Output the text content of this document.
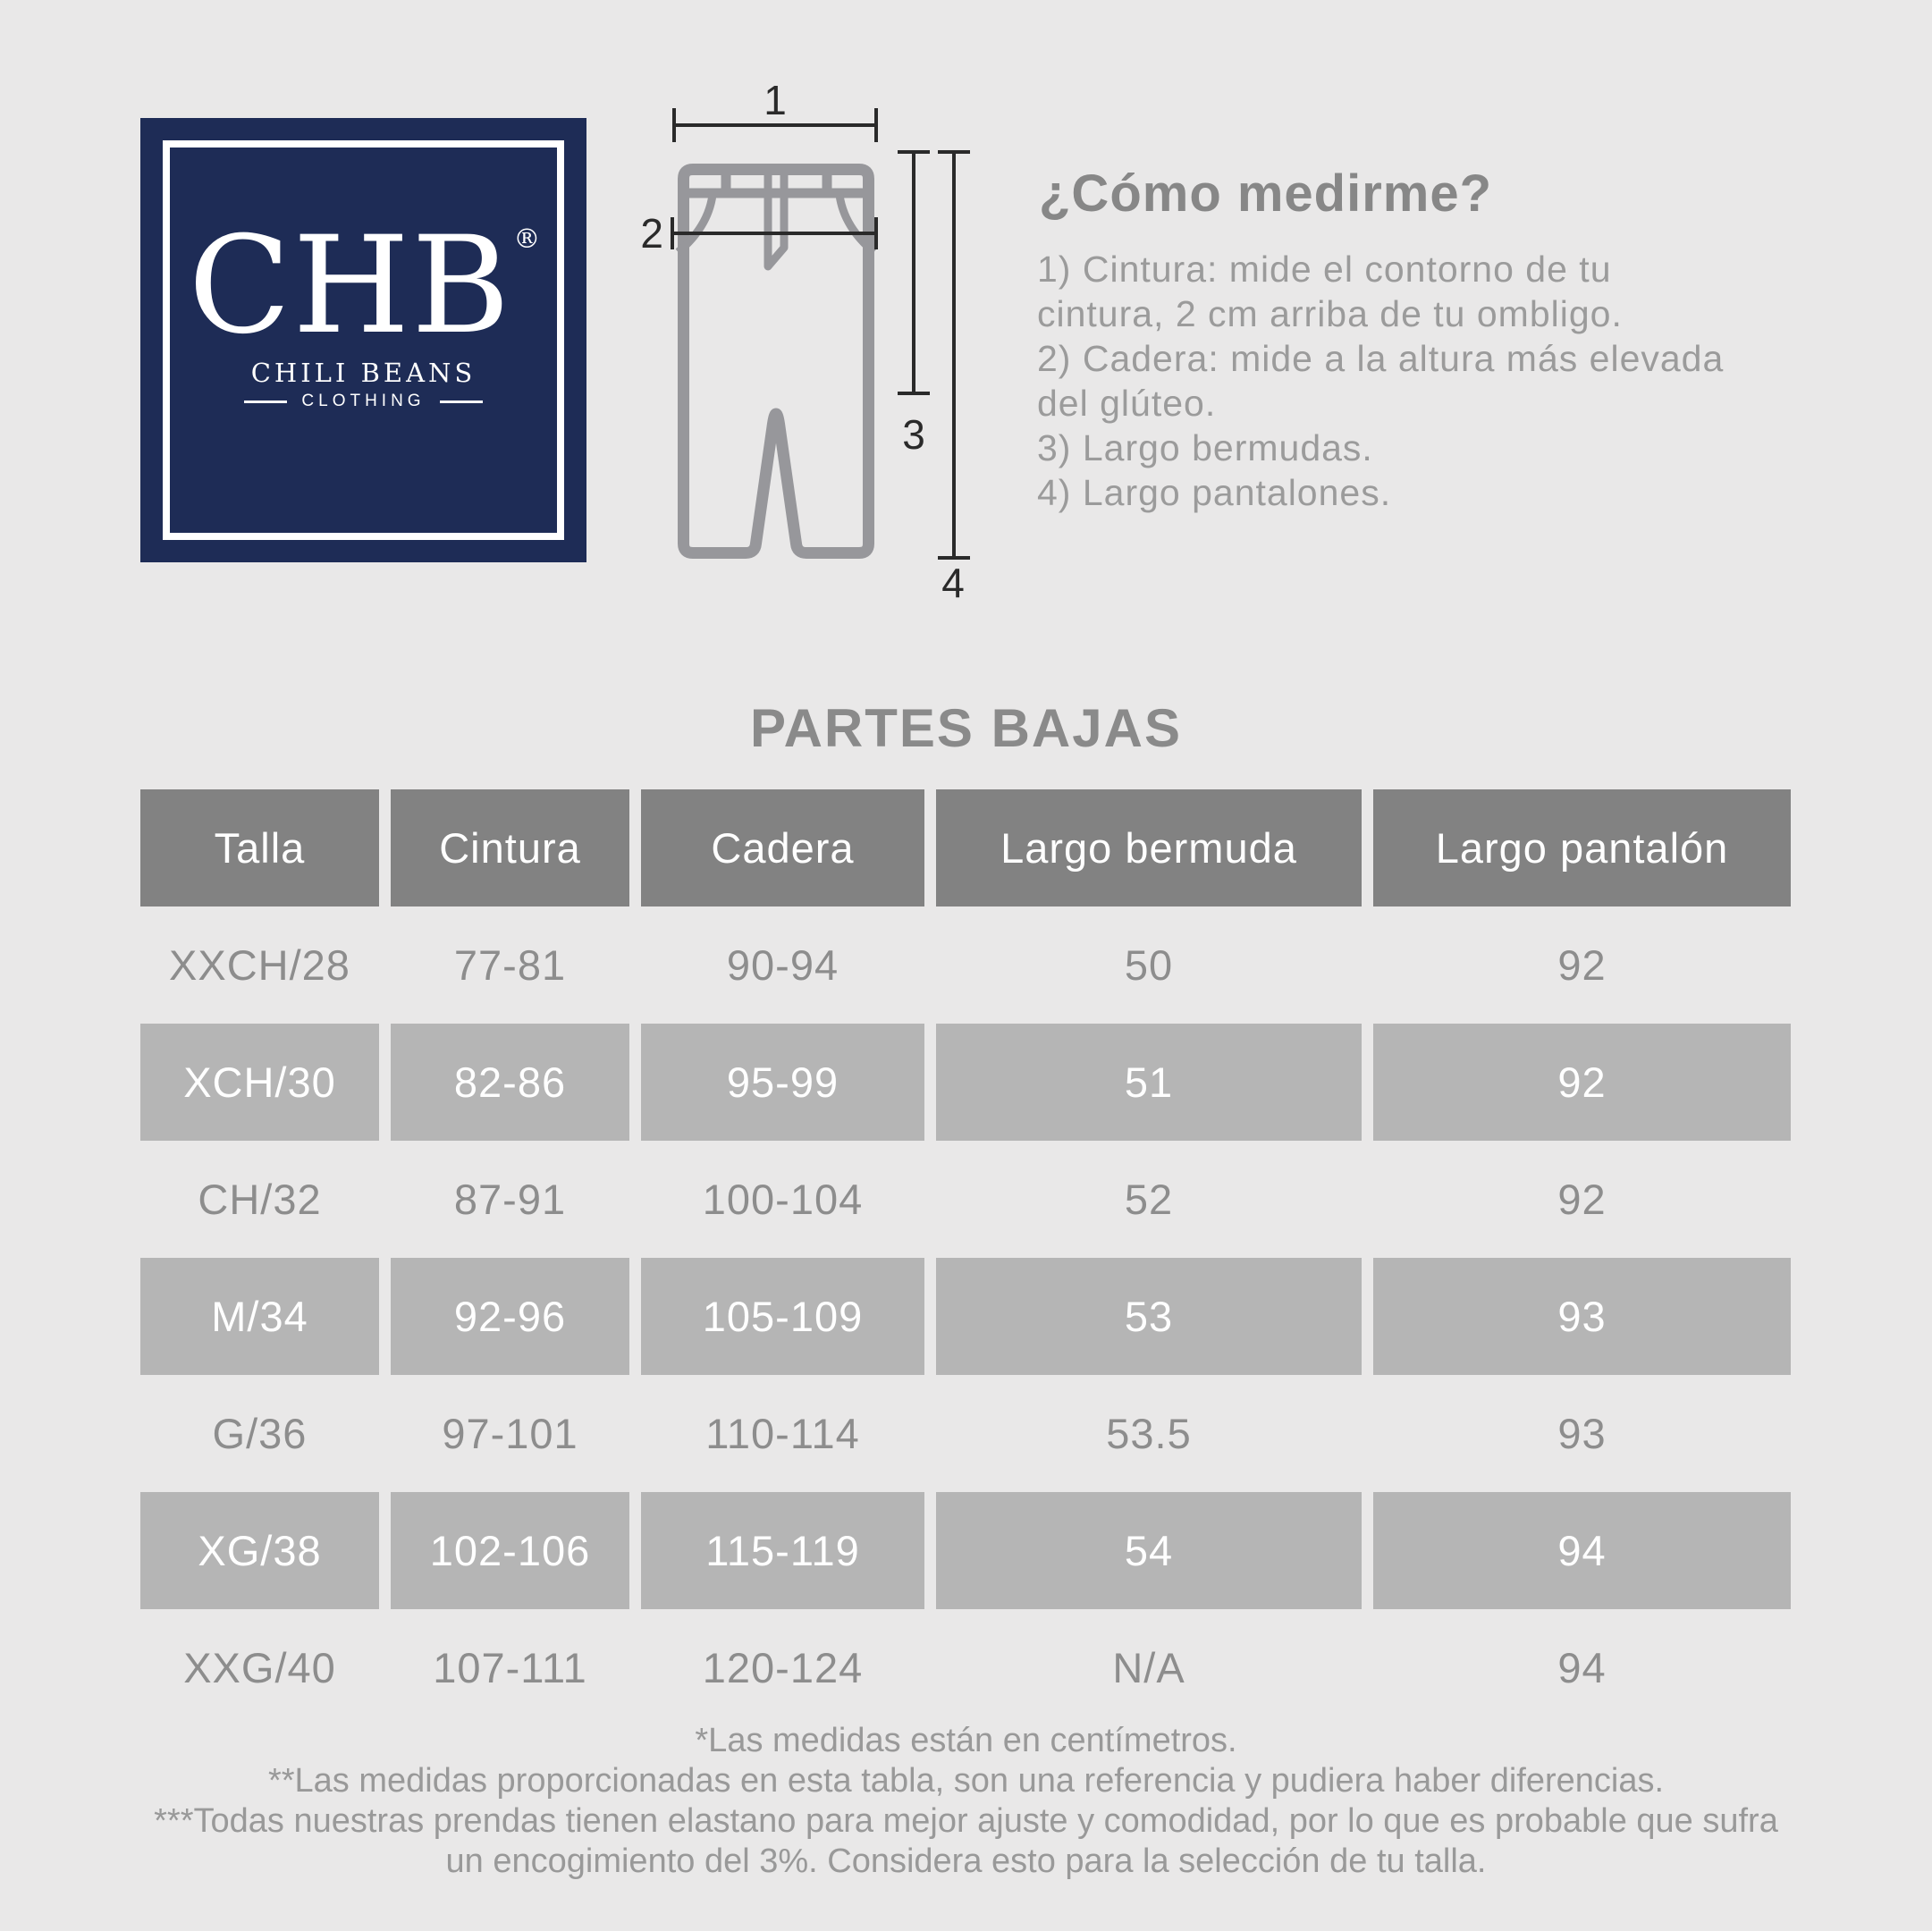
CHB®
CHILI BEANS
CLOTHING
1
2
3
4
¿Cómo medirme?
1) Cintura: mide el contorno de tu
cintura, 2 cm arriba de tu ombligo.
2) Cadera: mide a la altura más elevada
del glúteo.
3) Largo bermudas.
4) Largo pantalones.
PARTES BAJAS
Talla	Cintura	Cadera	Largo bermuda	Largo pantalón
XXCH/28	77-81	90-94	50	92
XCH/30	82-86	95-99	51	92
CH/32	87-91	100-104	52	92
M/34	92-96	105-109	53	93
G/36	97-101	110-114	53.5	93
XG/38	102-106	115-119	54	94
XXG/40	107-111	120-124	N/A	94
*Las medidas están en centímetros.
**Las medidas proporcionadas en esta tabla, son una referencia y pudiera haber diferencias.
***Todas nuestras prendas tienen elastano para mejor ajuste y comodidad, por lo que es probable que sufra
un encogimiento del 3%. Considera esto para la selección de tu talla.
